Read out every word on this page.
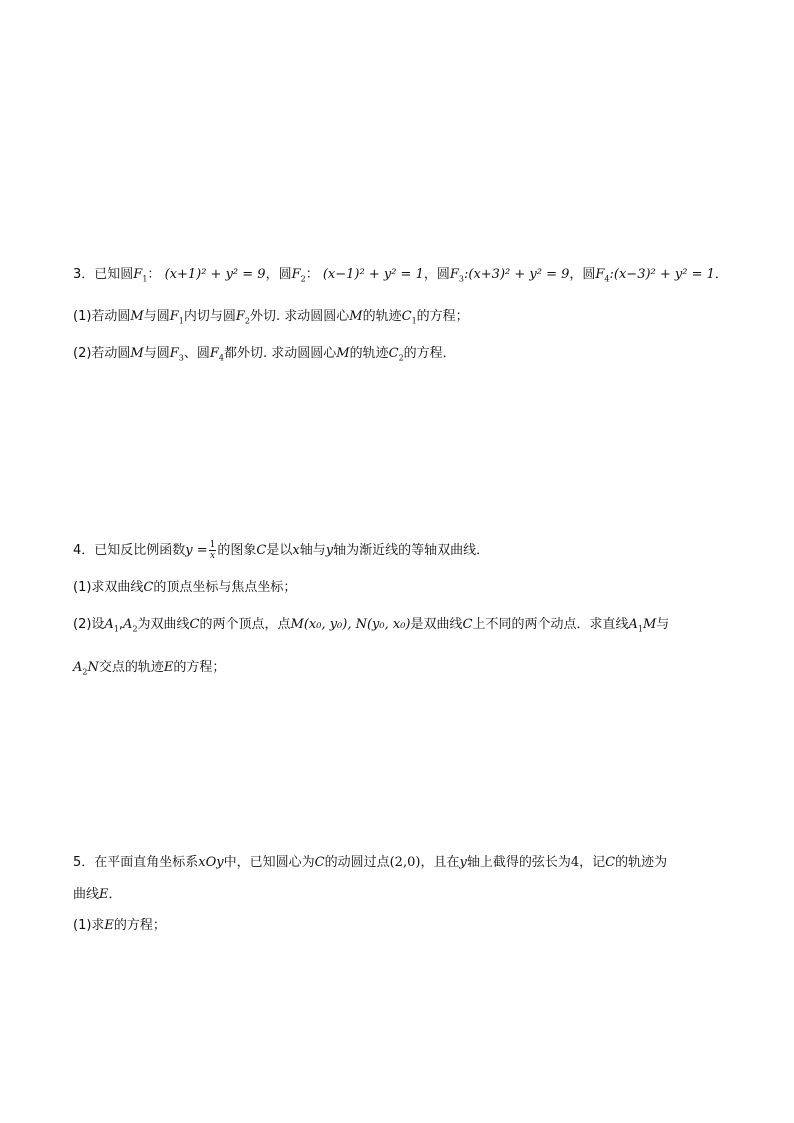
3．已知圆$F_1$： (x+1)² + y² = 9，圆$F_2$： (x−1)² + y² = 1，圆$F_3:(x+3)^2 + y^2 = 9$，圆$F_4:(x-3)^2 + y^2 = 1$．
(1)若动圆M与圆$F_1$内切与圆$F_2$外切. 求动圆圆心M的轨迹$C_1$的方程；
(2)若动圆M与圆$F_3$、圆$F_4$都外切. 求动圆圆心M的轨迹$C_2$的方程．
4．已知反比例函数$y = \frac{1}{x}$ 的图象C是以x轴与y轴为渐近线的等轴双曲线．
(1)求双曲线C的顶点坐标与焦点坐标；
(2)设$A_1,A_2$为双曲线C的两个顶点，点M(x₀, y₀), N(y₀, x₀)是双曲线C上不同的两个动点．求直线$A_1M$与
$A_2N$交点的轨迹E的方程；
5．在平面直角坐标系xOy中，已知圆心为C的动圆过点(2,0)，且在y轴上截得的弦长为4，记C的轨迹为
曲线E．
(1)求E的方程；
